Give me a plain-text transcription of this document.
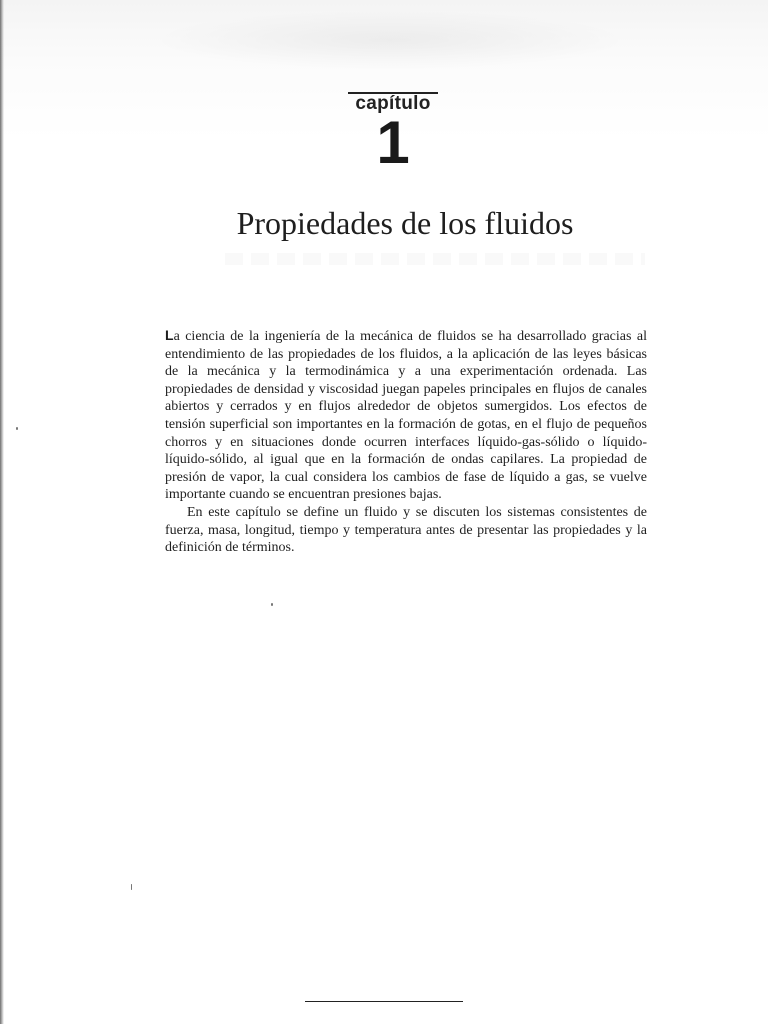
capítulo
1
Propiedades de los fluidos

La ciencia de la ingeniería de la mecánica de fluidos se ha desarrollado gracias al entendimiento de las propiedades de los fluidos, a la aplicación de las leyes básicas de la mecánica y la termodinámica y a una experimentación ordenada. Las propiedades de densidad y viscosidad juegan papeles principales en flujos de canales abiertos y cerrados y en flujos alrededor de objetos sumergidos. Los efectos de tensión superficial son importantes en la formación de gotas, en el flujo de pequeños chorros y en situaciones donde ocurren interfaces líquido-gas-sólido o líquido-líquido-sólido, al igual que en la formación de ondas capilares. La propiedad de presión de vapor, la cual considera los cambios de fase de líquido a gas, se vuelve importante cuando se encuentran presiones bajas.

En este capítulo se define un fluido y se discuten los sistemas consistentes de fuerza, masa, longitud, tiempo y temperatura antes de presentar las propiedades y la definición de términos.
